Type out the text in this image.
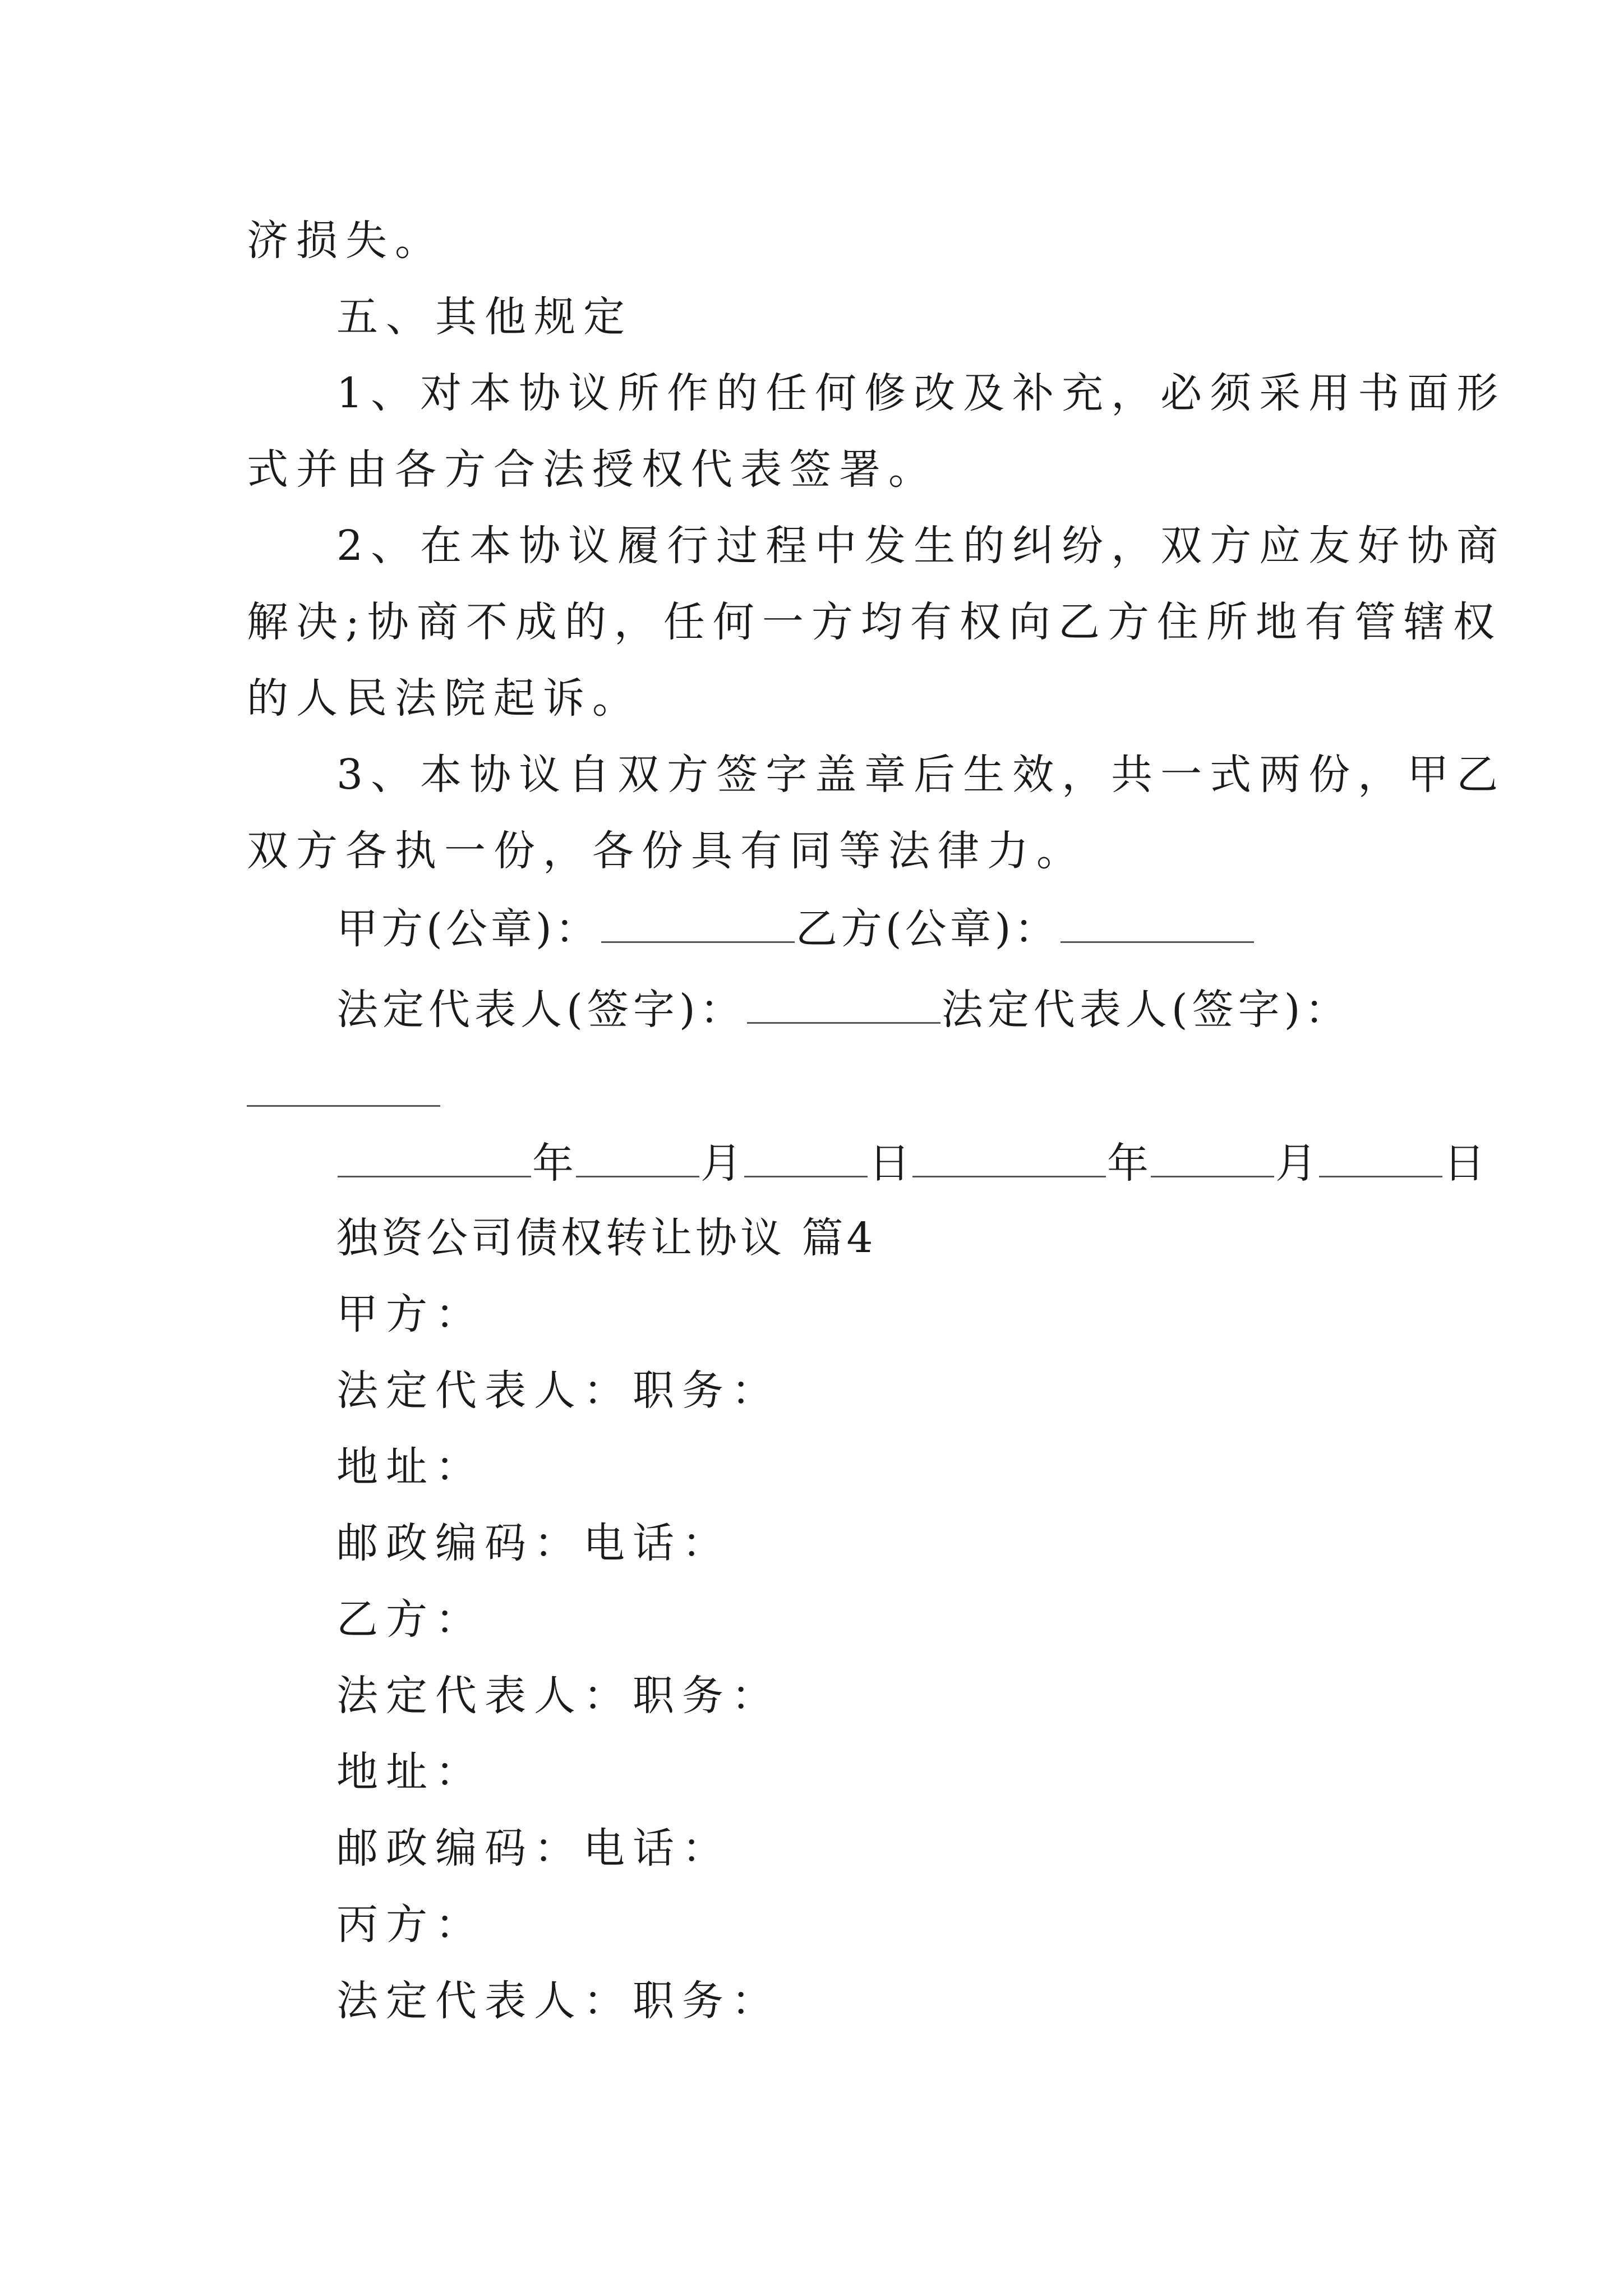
济损失。
五、其他规定
1、对本协议所作的任何修改及补充，必须采用书面形
式并由各方合法授权代表签署。
2、在本协议履行过程中发生的纠纷，双方应友好协商
解决;协商不成的，任何一方均有权向乙方住所地有管辖权
的人民法院起诉。
3、本协议自双方签字盖章后生效，共一式两份，甲乙
双方各执一份，各份具有同等法律力。
甲方(公章)：	乙方(公章)：
法定代表人(签字)：	法定代表人(签字)：
年	月	日	年	月	日
独资公司债权转让协议 篇4
甲方：
法定代表人：职务：
地址：
邮政编码：电话：
乙方：
法定代表人：职务：
地址：
邮政编码：电话：
丙方：
法定代表人：职务：
